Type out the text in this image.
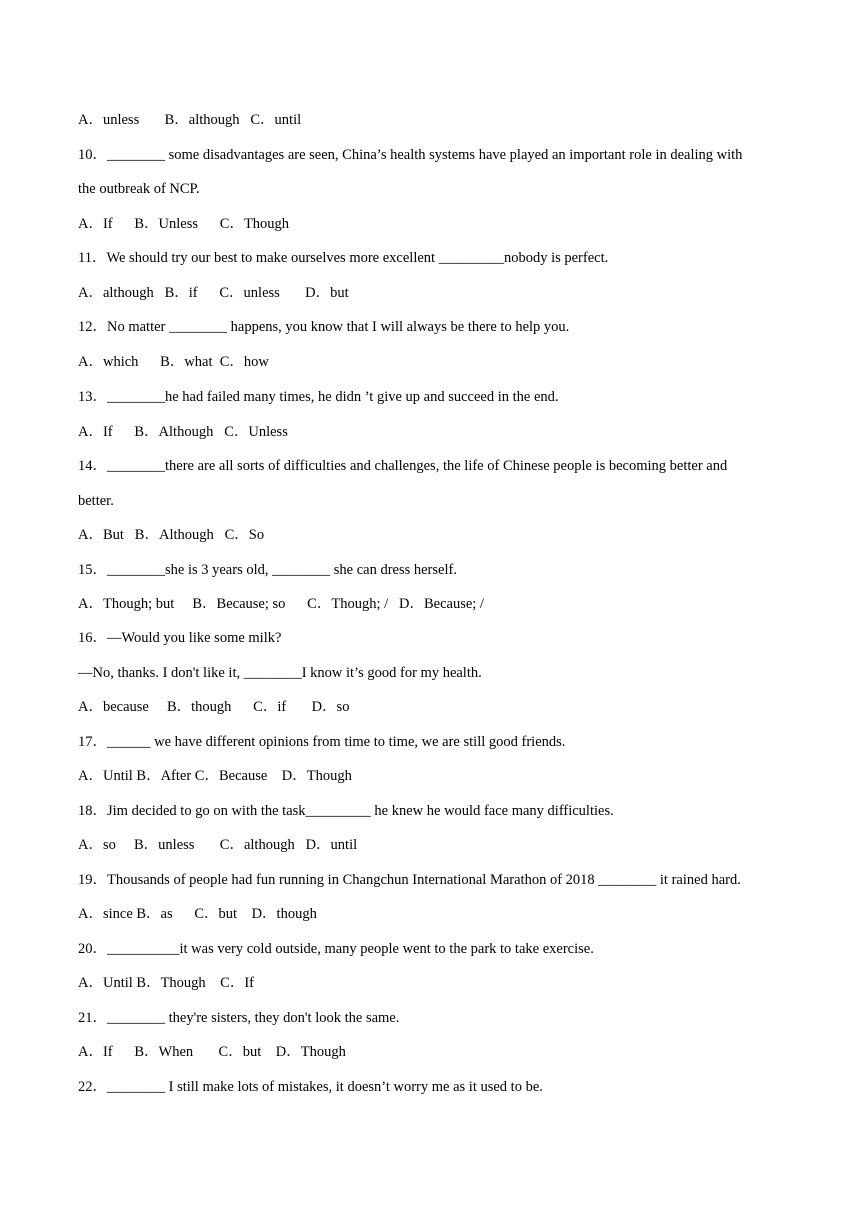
A．unless       B．although   C．until
10．________ some disadvantages are seen, China’s health systems have played an important role in dealing with
the outbreak of NCP.
A．If      B．Unless      C．Though
11．We should try our best to make ourselves more excellent _________nobody is perfect.
A．although   B．if      C．unless       D．but
12．No matter ________ happens, you know that I will always be there to help you.
A．which      B．what  C．how
13．________he had failed many times, he didn ’t give up and succeed in the end.
A．If      B．Although   C．Unless
14．________there are all sorts of difficulties and challenges, the life of Chinese people is becoming better and
better.
A．But   B．Although   C．So
15．________she is 3 years old, ________ she can dress herself.
A．Though; but     B．Because; so      C．Though; /   D．Because; /
16．—Would you like some milk?
—No, thanks. I don't like it, ________I know it’s good for my health.
A．because     B．though      C．if       D．so
17．______ we have different opinions from time to time, we are still good friends.
A．Until B．After C．Because    D．Though
18．Jim decided to go on with the task_________ he knew he would face many difficulties.
A．so     B．unless       C．although   D．until
19．Thousands of people had fun running in Changchun International Marathon of 2018 ________ it rained hard.
A．since B．as      C．but    D．though
20．__________it was very cold outside, many people went to the park to take exercise.
A．Until B．Though    C．If
21．________ they're sisters, they don't look the same.
A．If      B．When       C．but    D．Though
22．________ I still make lots of mistakes, it doesn’t worry me as it used to be.
